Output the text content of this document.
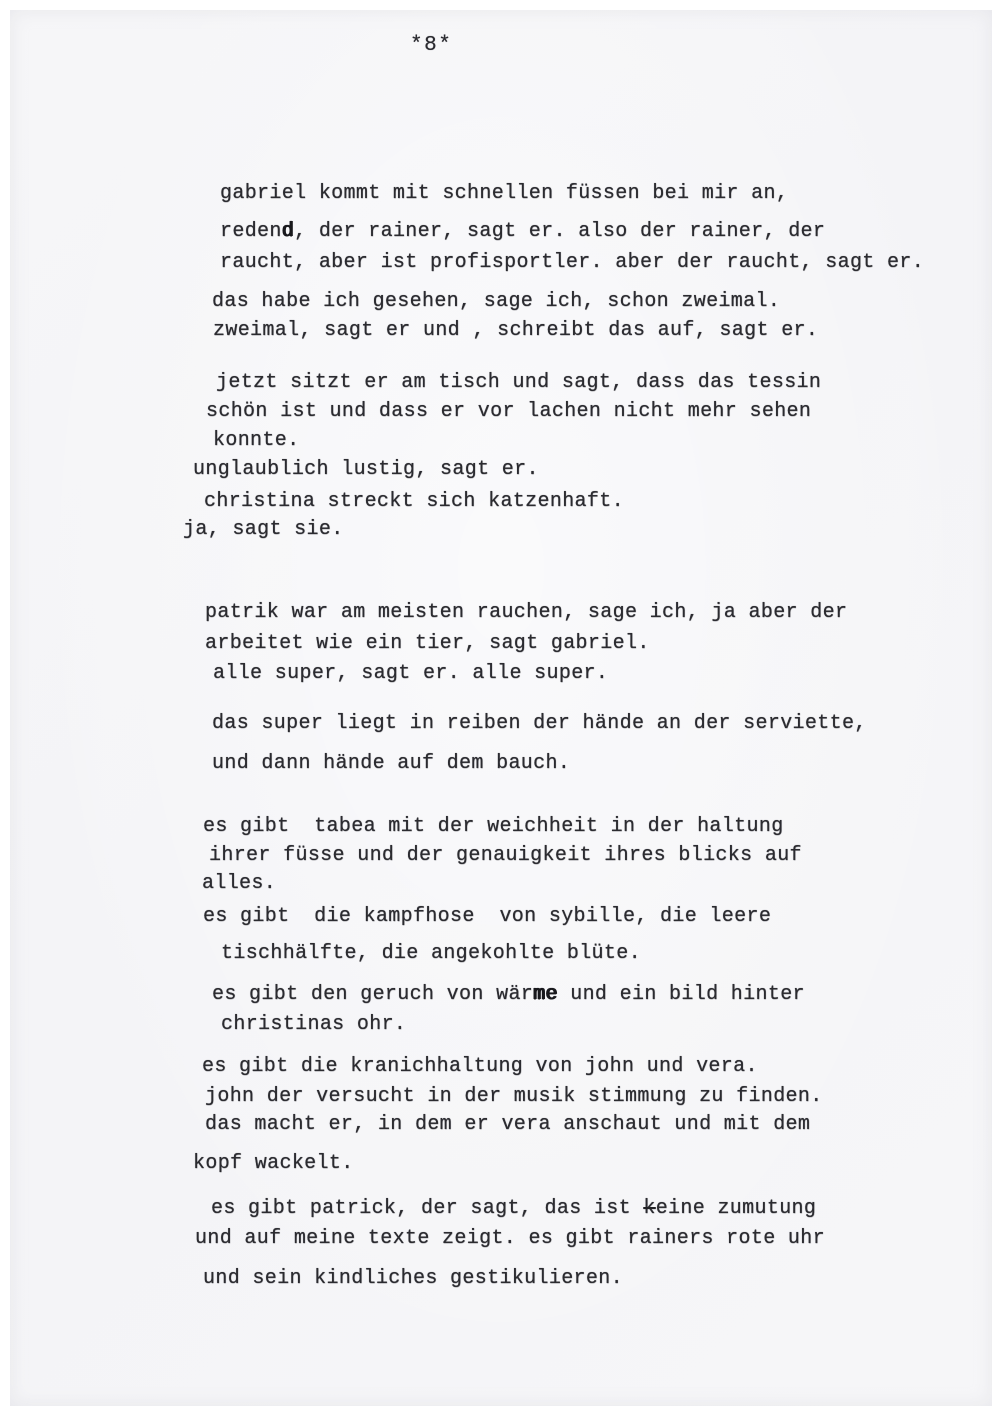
*8*
gabriel kommt mit schnellen füssen bei mir an,
redend, der rainer, sagt er. also der rainer, der
raucht, aber ist profisportler. aber der raucht, sagt er.
das habe ich gesehen, sage ich, schon zweimal.
zweimal, sagt er und , schreibt das auf, sagt er.
jetzt sitzt er am tisch und sagt, dass das tessin
schön ist und dass er vor lachen nicht mehr sehen
konnte.
unglaublich lustig, sagt er.
christina streckt sich katzenhaft.
ja, sagt sie.
patrik war am meisten rauchen, sage ich, ja aber der
arbeitet wie ein tier, sagt gabriel.
alle super, sagt er. alle super.
das super liegt in reiben der hände an der serviette,
und dann hände auf dem bauch.
es gibt  tabea mit der weichheit in der haltung
ihrer füsse und der genauigkeit ihres blicks auf
alles.
es gibt  die kampfhose  von sybille, die leere
tischhälfte, die angekohlte blüte.
es gibt den geruch von wärme und ein bild hinter
christinas ohr.
es gibt die kranichhaltung von john und vera.
john der versucht in der musik stimmung zu finden.
das macht er, in dem er vera anschaut und mit dem
kopf wackelt.
es gibt patrick, der sagt, das ist keine zumutung
und auf meine texte zeigt. es gibt rainers rote uhr
und sein kindliches gestikulieren.
